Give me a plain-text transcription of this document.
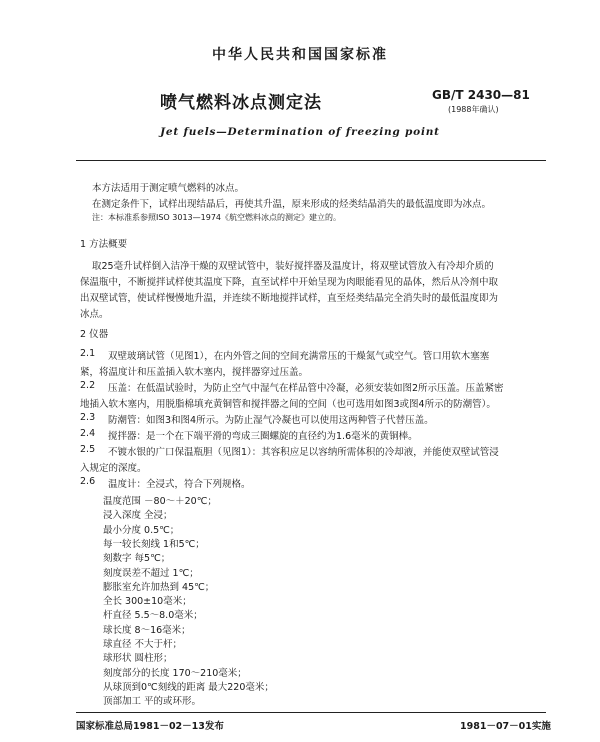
中华人民共和国国家标准
喷气燃料冰点测定法	GB/T 2430—81
(1988年确认)
Jet fuels—Determination of freezing point
本方法适用于测定喷气燃料的冰点。
在测定条件下，试样出现结晶后，再使其升温，原来形成的烃类结晶消失的最低温度即为冰点。
注：本标准系参照ISO 3013—1974《航空燃料冰点的测定》建立的。
1 方法概要
取25毫升试样倒入洁净干燥的双壁试管中，装好搅拌器及温度计，将双壁试管放入有冷却介质的
保温瓶中，不断搅拌试样使其温度下降，直至试样中开始呈现为肉眼能看见的晶体，然后从冷剂中取
出双壁试管，使试样慢慢地升温，并连续不断地搅拌试样，直至烃类结晶完全消失时的最低温度即为
冰点。
2 仪器
2.1 双壁玻璃试管（见图1），在内外管之间的空间充满常压的干燥氮气或空气。管口用软木塞塞
紧，将温度计和压盖插入软木塞内，搅拌器穿过压盖。
2.2 压盖：在低温试验时，为防止空气中湿气在样品管中冷凝，必须安装如图2所示压盖。压盖紧密
地插入软木塞内，用脱脂棉填充黄铜管和搅拌器之间的空间（也可选用如图3或图4所示的防潮管）。
2.3 防潮管：如图3和图4所示。为防止湿气冷凝也可以使用这两种管子代替压盖。
2.4 搅拌器：是一个在下端平滑的弯成三圈螺旋的直径约为1.6毫米的黄铜棒。
2.5 不镀水银的广口保温瓶胆（见图1）：其容积应足以容纳所需体积的冷却液，并能使双壁试管浸
入规定的深度。
2.6 温度计：全浸式，符合下列规格。
温度范围 －80～＋20℃；
浸入深度 全浸；
最小分度 0.5℃；
每一较长刻线 1和5℃；
刻数字 每5℃；
刻度误差不超过 1℃；
膨胀室允许加热到 45℃；
全长 300±10毫米；
杆直径 5.5～8.0毫米；
球长度 8～16毫米；
球直径 不大于杆；
球形状 圆柱形；
刻度部分的长度 170～210毫米；
从球顶到0℃刻线的距离 最大220毫米；
顶部加工 平的或环形。
国家标准总局1981－02－13发布	1981－07－01实施
